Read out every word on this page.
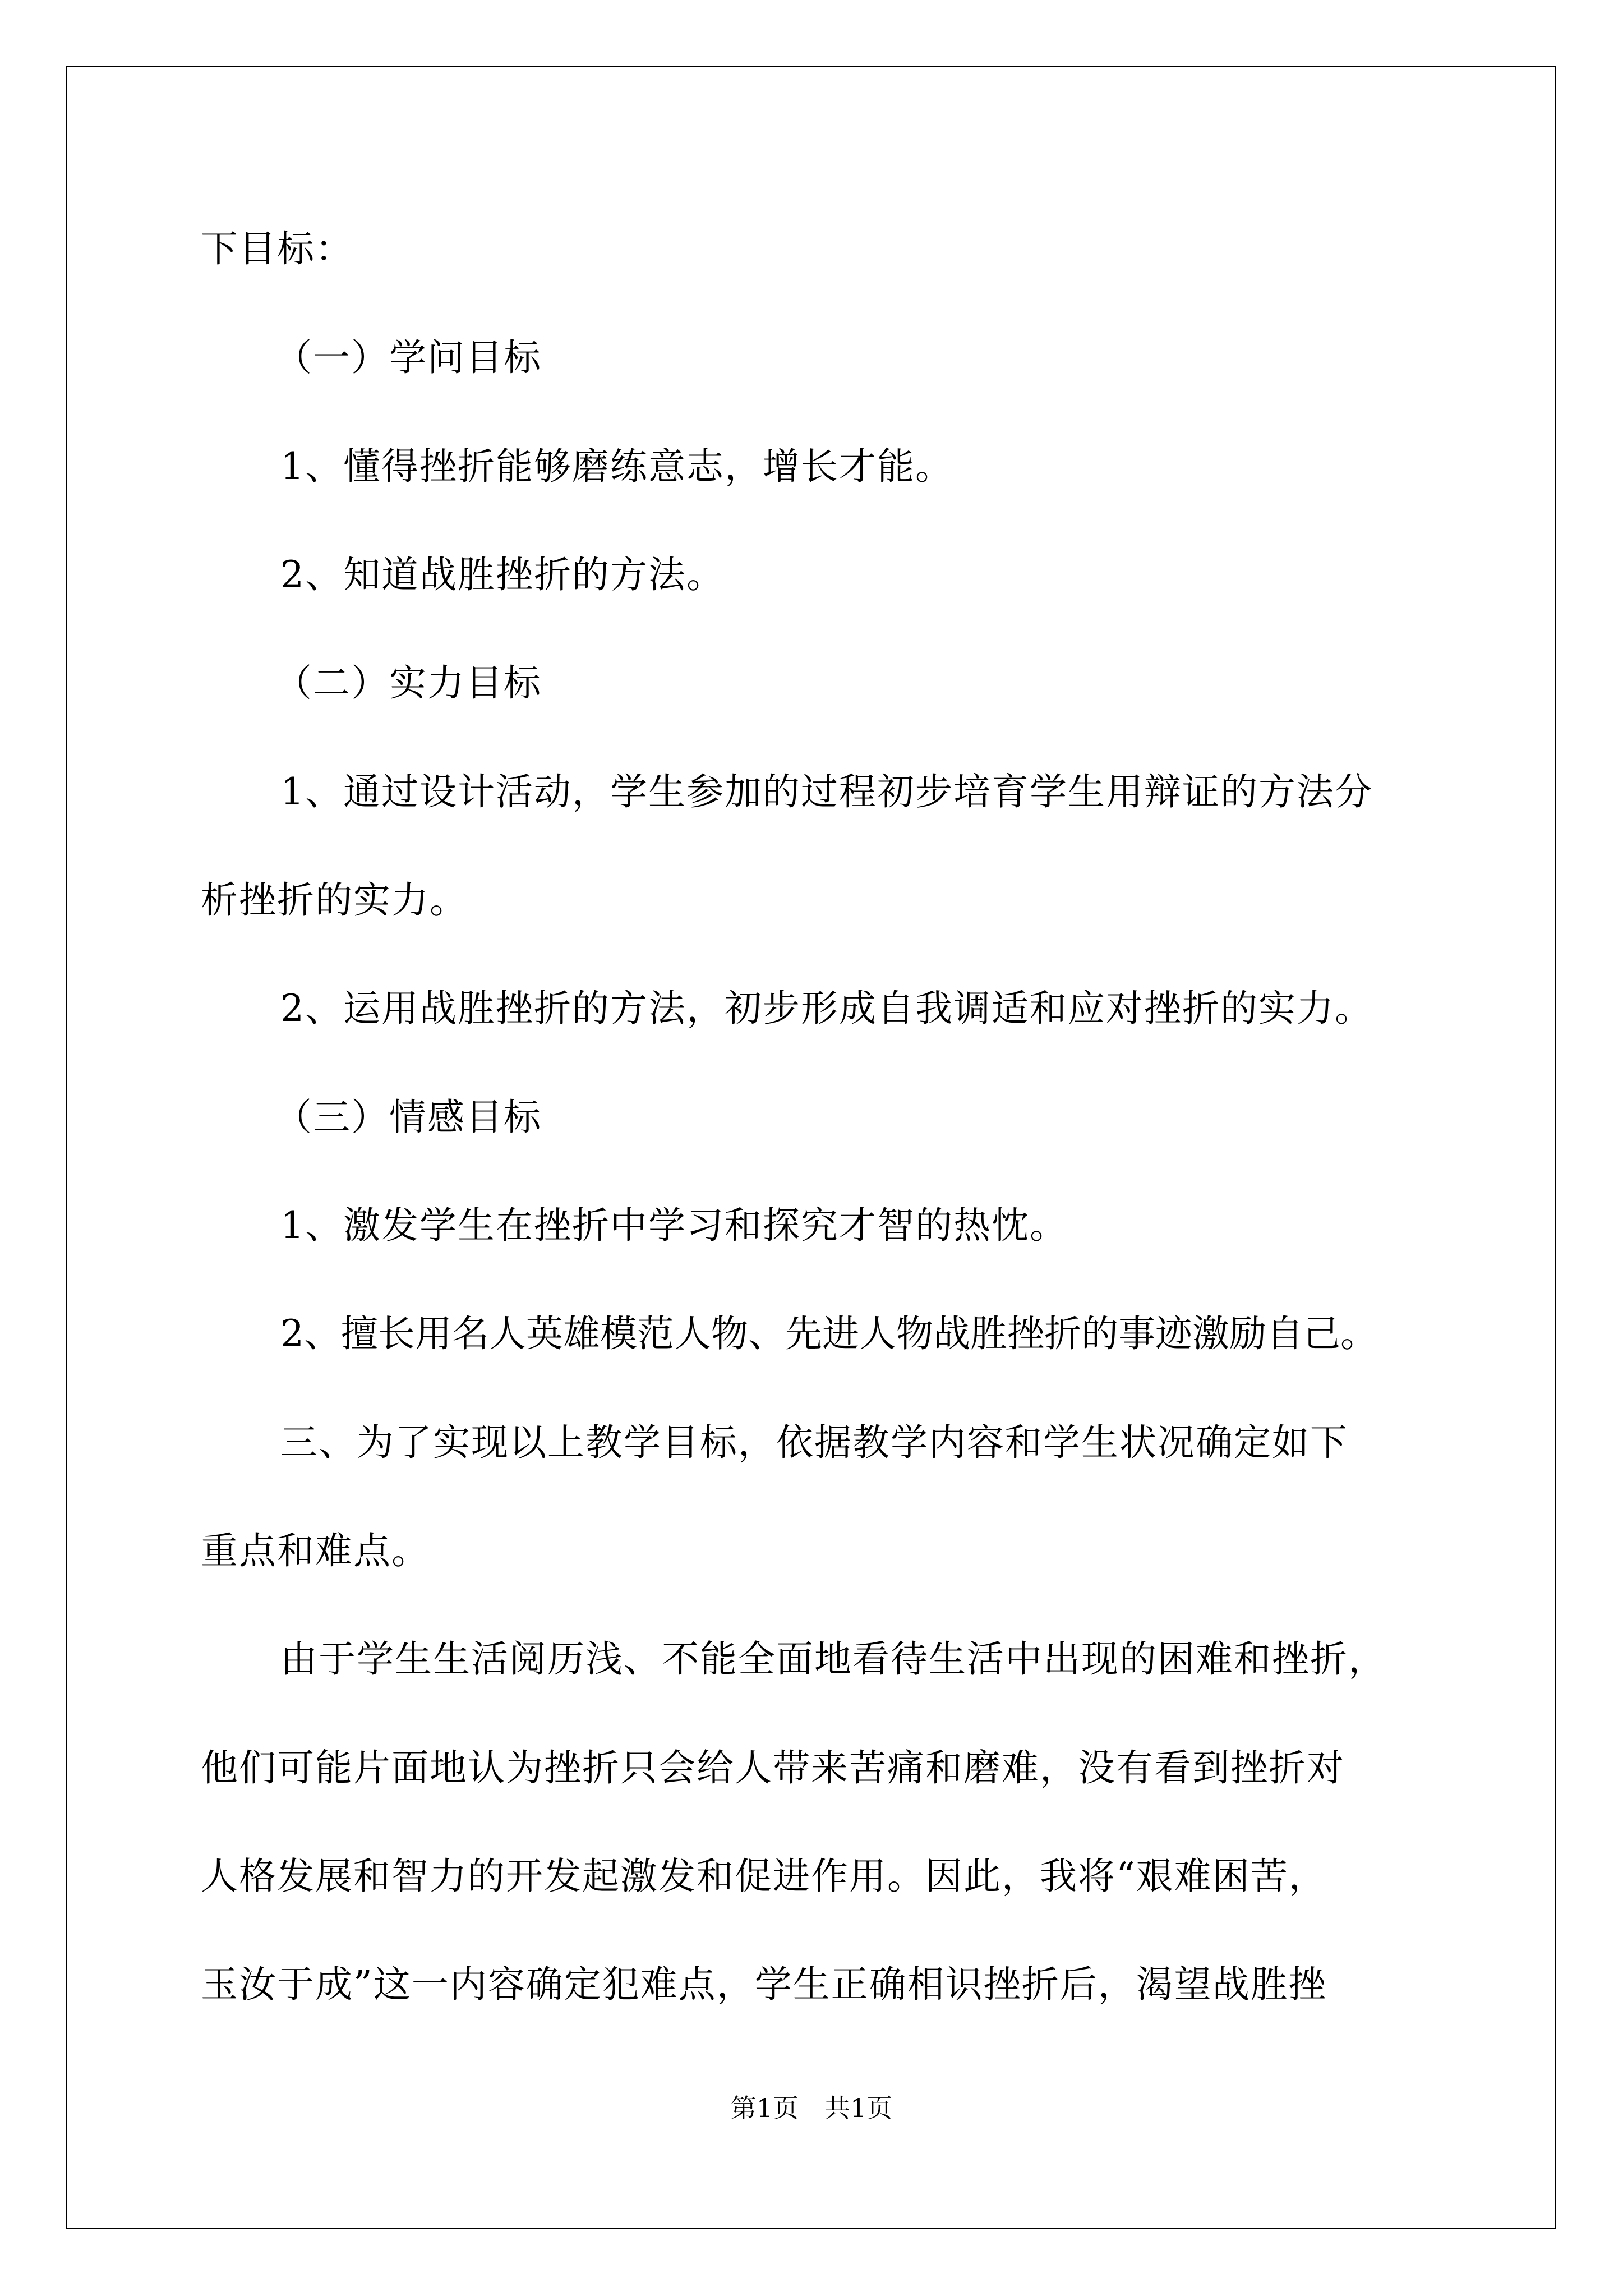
下目标：
（一）学问目标
1、懂得挫折能够磨练意志，增长才能。
2、知道战胜挫折的方法。
（二）实力目标
1、通过设计活动，学生参加的过程初步培育学生用辩证的方法分
析挫折的实力。
2、运用战胜挫折的方法，初步形成自我调适和应对挫折的实力。
（三）情感目标
1、激发学生在挫折中学习和探究才智的热忱。
2、擅长用名人英雄模范人物、先进人物战胜挫折的事迹激励自己。
三、为了实现以上教学目标，依据教学内容和学生状况确定如下
重点和难点。
由于学生生活阅历浅、不能全面地看待生活中出现的困难和挫折，
他们可能片面地认为挫折只会给人带来苦痛和磨难，没有看到挫折对
人格发展和智力的开发起激发和促进作用。因此，我将“艰难困苦，
玉汝于成”这一内容确定犯难点，学生正确相识挫折后，渴望战胜挫
第1页　共1页
